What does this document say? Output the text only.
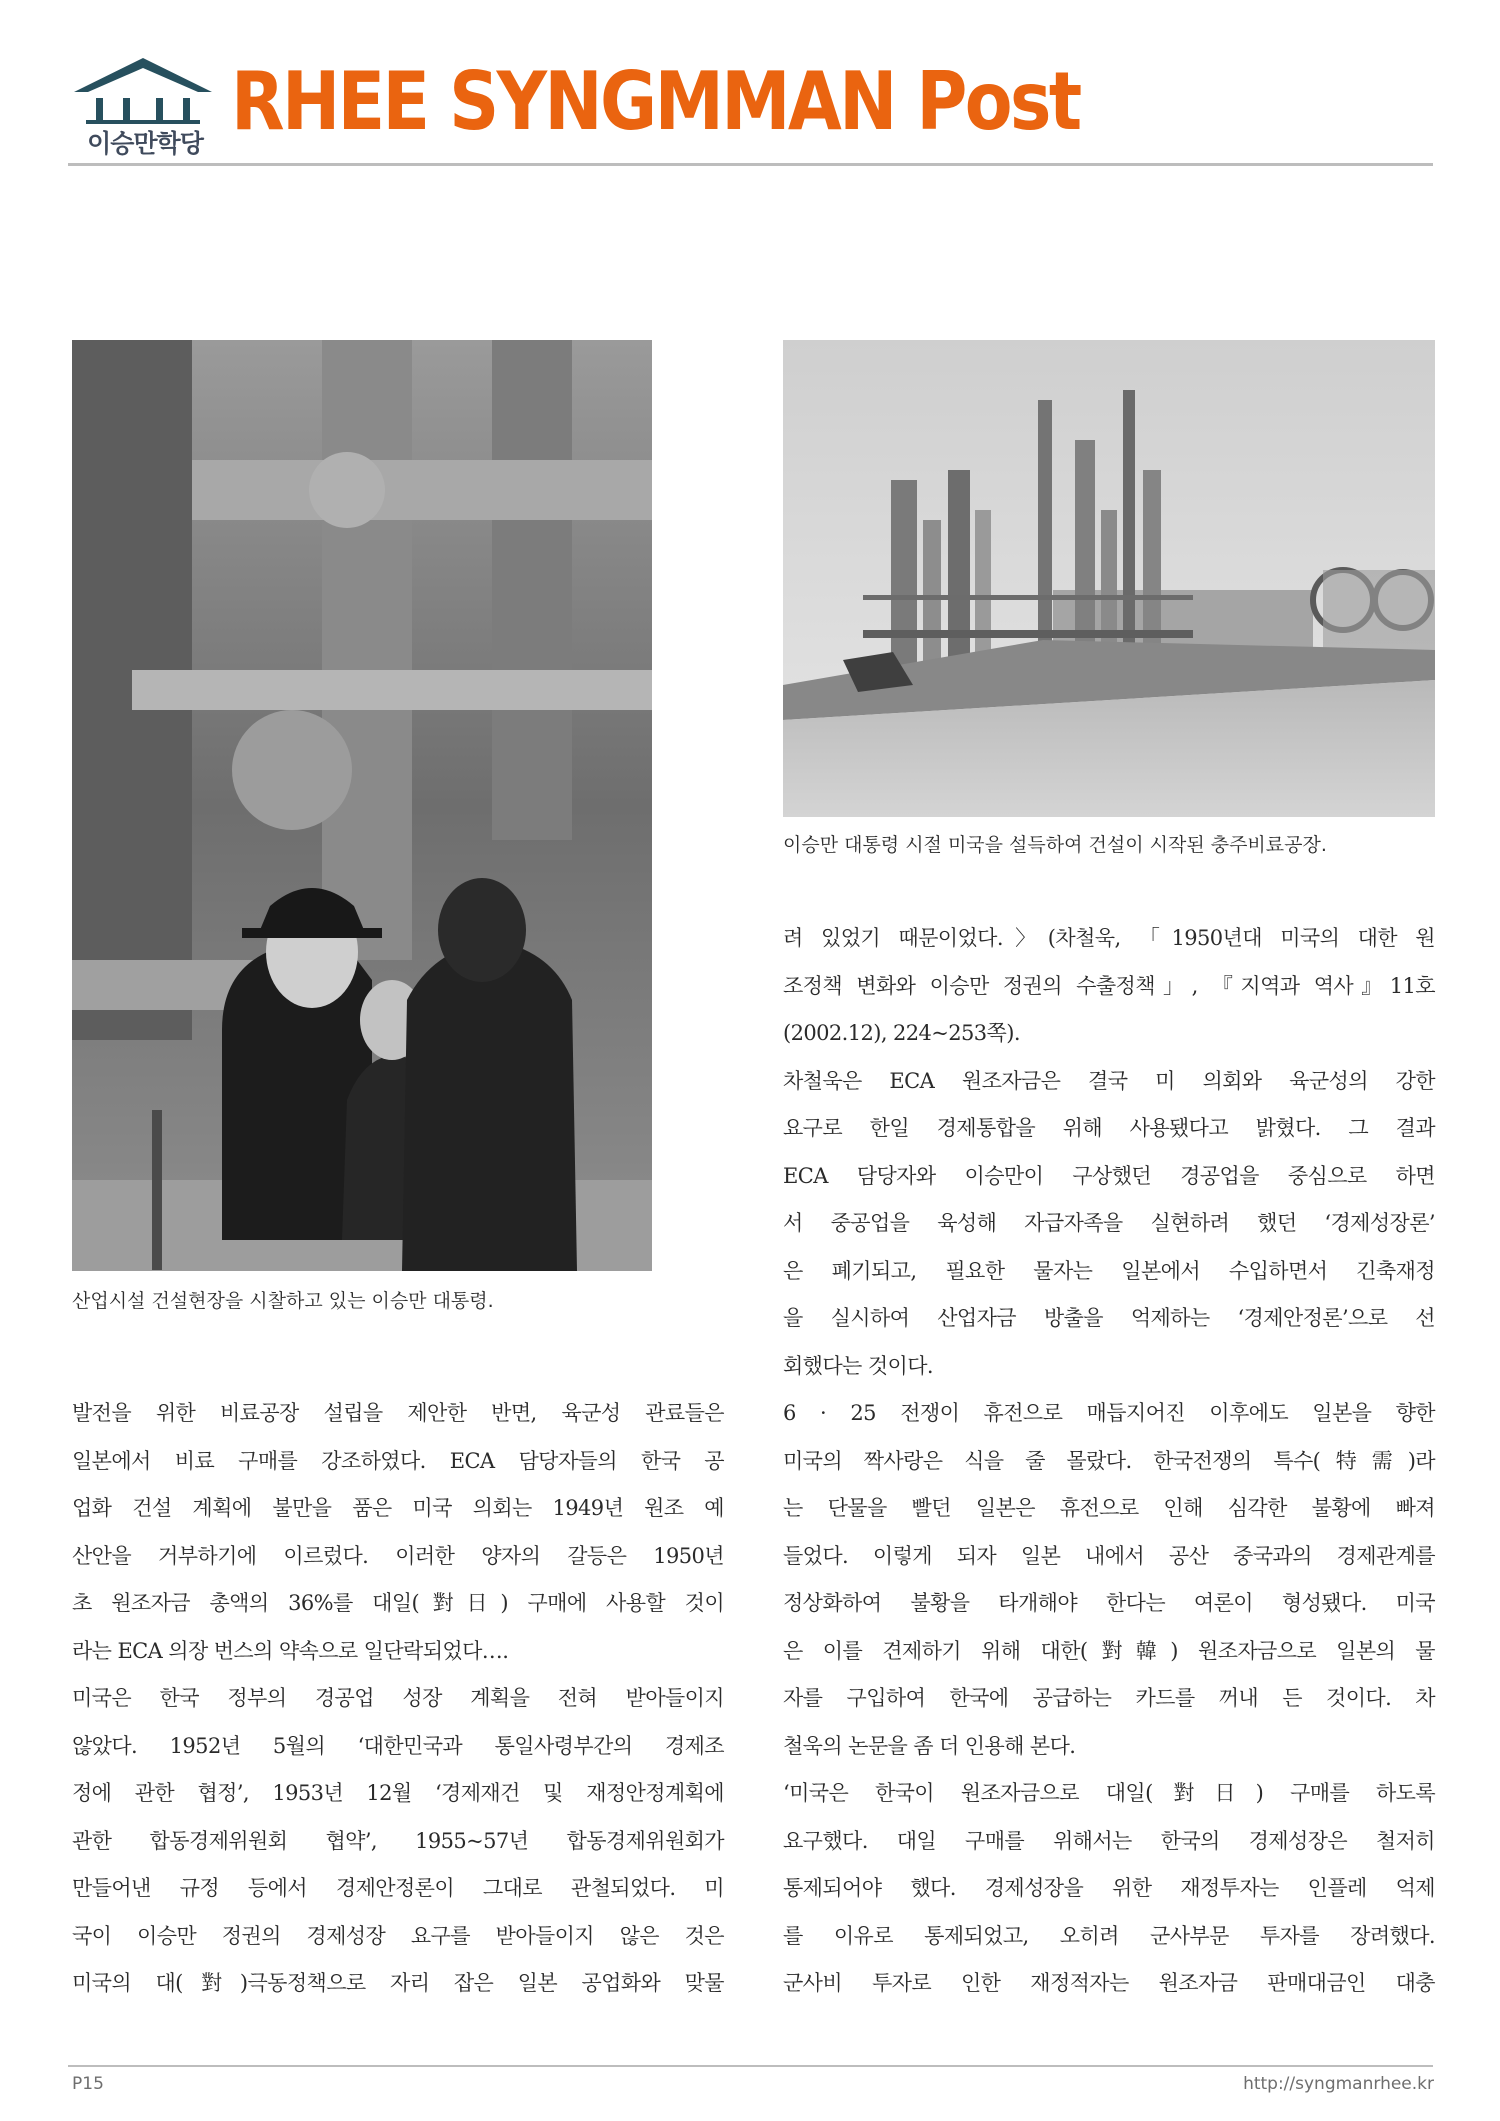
이승만학당 RHEE SYNGMMAN Post
산업시설 건설현장을 시찰하고 있는 이승만 대통령.
이승만 대통령 시절 미국을 설득하여 건설이 시작된 충주비료공장.
발전을 위한 비료공장 설립을 제안한 반면, 육군성 관료들은
일본에서 비료 구매를 강조하였다. ECA 담당자들의 한국 공
업화 건설 계획에 불만을 품은 미국 의회는 1949년 원조 예
산안을 거부하기에 이르렀다. 이러한 양자의 갈등은 1950년
초 원조자금 총액의 36%를 대일(對日) 구매에 사용할 것이
라는 ECA 의장 번스의 약속으로 일단락되었다….
미국은 한국 정부의 경공업 성장 계획을 전혀 받아들이지
않았다. 1952년 5월의 ‘대한민국과 통일사령부간의 경제조
정에 관한 협정’, 1953년 12월 ‘경제재건 및 재정안정계획에
관한 합동경제위원회 협약’, 1955~57년 합동경제위원회가
만들어낸 규정 등에서 경제안정론이 그대로 관철되었다. 미
국이 이승만 정권의 경제성장 요구를 받아들이지 않은 것은
미국의 대(對)극동정책으로 자리 잡은 일본 공업화와 맞물
려 있었기 때문이었다.〉(차철욱, 「1950년대 미국의 대한 원
조정책 변화와 이승만 정권의 수출정책」, 『지역과 역사』11호
(2002.12), 224~253쪽).
차철욱은 ECA 원조자금은 결국 미 의회와 육군성의 강한
요구로 한일 경제통합을 위해 사용됐다고 밝혔다. 그 결과
ECA 담당자와 이승만이 구상했던 경공업을 중심으로 하면
서 중공업을 육성해 자급자족을 실현하려 했던 ‘경제성장론’
은 폐기되고, 필요한 물자는 일본에서 수입하면서 긴축재정
을 실시하여 산업자금 방출을 억제하는 ‘경제안정론’으로 선
회했다는 것이다.
6 · 25 전쟁이 휴전으로 매듭지어진 이후에도 일본을 향한
미국의 짝사랑은 식을 줄 몰랐다. 한국전쟁의 특수(特需)라
는 단물을 빨던 일본은 휴전으로 인해 심각한 불황에 빠져
들었다. 이렇게 되자 일본 내에서 공산 중국과의 경제관계를
정상화하여 불황을 타개해야 한다는 여론이 형성됐다. 미국
은 이를 견제하기 위해 대한(對韓) 원조자금으로 일본의 물
자를 구입하여 한국에 공급하는 카드를 꺼내 든 것이다. 차
철욱의 논문을 좀 더 인용해 본다.
‘미국은 한국이 원조자금으로 대일(對日) 구매를 하도록
요구했다. 대일 구매를 위해서는 한국의 경제성장은 철저히
통제되어야 했다. 경제성장을 위한 재정투자는 인플레 억제
를 이유로 통제되었고, 오히려 군사부문 투자를 장려했다.
군사비 투자로 인한 재정적자는 원조자금 판매대금인 대충
P15	http://syngmanrhee.kr
